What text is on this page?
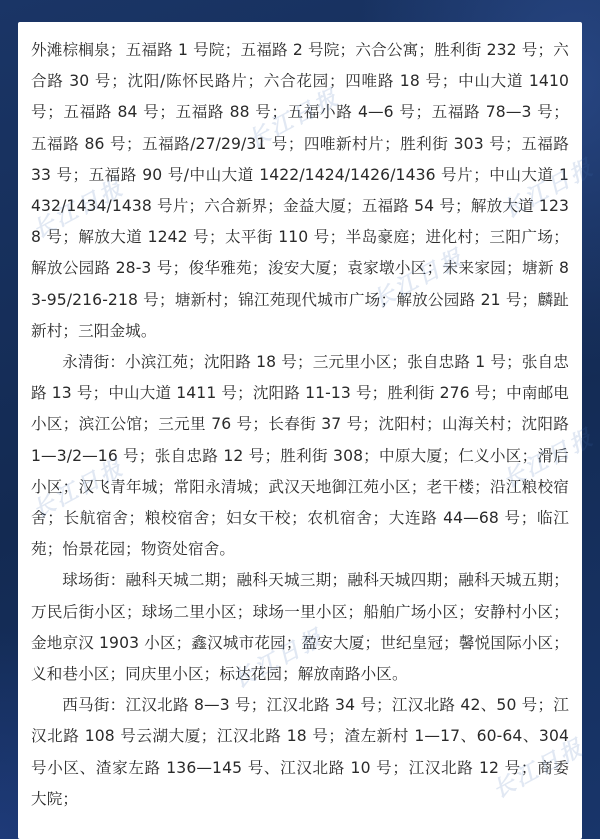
外滩棕榈泉；五福路 1 号院；五福路 2 号院；六合公寓；胜利街 232 号；六合路 30 号；沈阳/陈怀民路片；六合花园；四唯路 18 号；中山大道 1410 号；五福路 84 号；五福路 88 号；五福小路 4—6 号；五福路 78—3 号；五福路 86 号；五福路/27/29/31 号；四唯新村片；胜利街 303 号；五福路 33 号；五福路 90 号/中山大道 1422/1424/1426/1436 号片；中山大道 1432/1434/1438 号片；六合新界；金益大厦；五福路 54 号；解放大道 1238 号；解放大道 1242 号；太平街 110 号；半岛豪庭；进化村；三阳广场；解放公园路 28-3 号；俊华雅苑；浚安大厦；袁家墩小区；未来家园；塘新 83-95/216-218 号；塘新村；锦江苑现代城市广场；解放公园路 21 号；麟趾新村；三阳金城。

永清街：小滨江苑；沈阳路 18 号；三元里小区；张自忠路 1 号；张自忠路 13 号；中山大道 1411 号；沈阳路 11-13 号；胜利街 276 号；中南邮电小区；滨江公馆；三元里 76 号；长春街 37 号；沈阳村；山海关村；沈阳路 1—3/2—16 号；张自忠路 12 号；胜利街 308；中原大厦；仁义小区；滑后小区；汉飞青年城；常阳永清城；武汉天地御江苑小区；老干楼；沿江粮校宿舍；长航宿舍；粮校宿舍；妇女干校；农机宿舍；大连路 44—68 号；临江苑；怡景花园；物资处宿舍。

球场街：融科天城二期；融科天城三期；融科天城四期；融科天城五期；万民后街小区；球场二里小区；球场一里小区；船舶广场小区；安静村小区；金地京汉 1903 小区；鑫汉城市花园；盈安大厦；世纪皇冠；馨悦国际小区；义和巷小区；同庆里小区；标达花园；解放南路小区。

西马街：江汉北路 8—3 号；江汉北路 34 号；江汉北路 42、50 号；江汉北路 108 号云湖大厦；江汉北路 18 号；渣左新村 1—17、60-64、304 号小区、渣家左路 136—145 号、江汉北路 10 号；江汉北路 12 号；商委大院；

长江日报
长江日报
长江日报
长江日报
长江日报
长江日报
长江日报
长江日报
